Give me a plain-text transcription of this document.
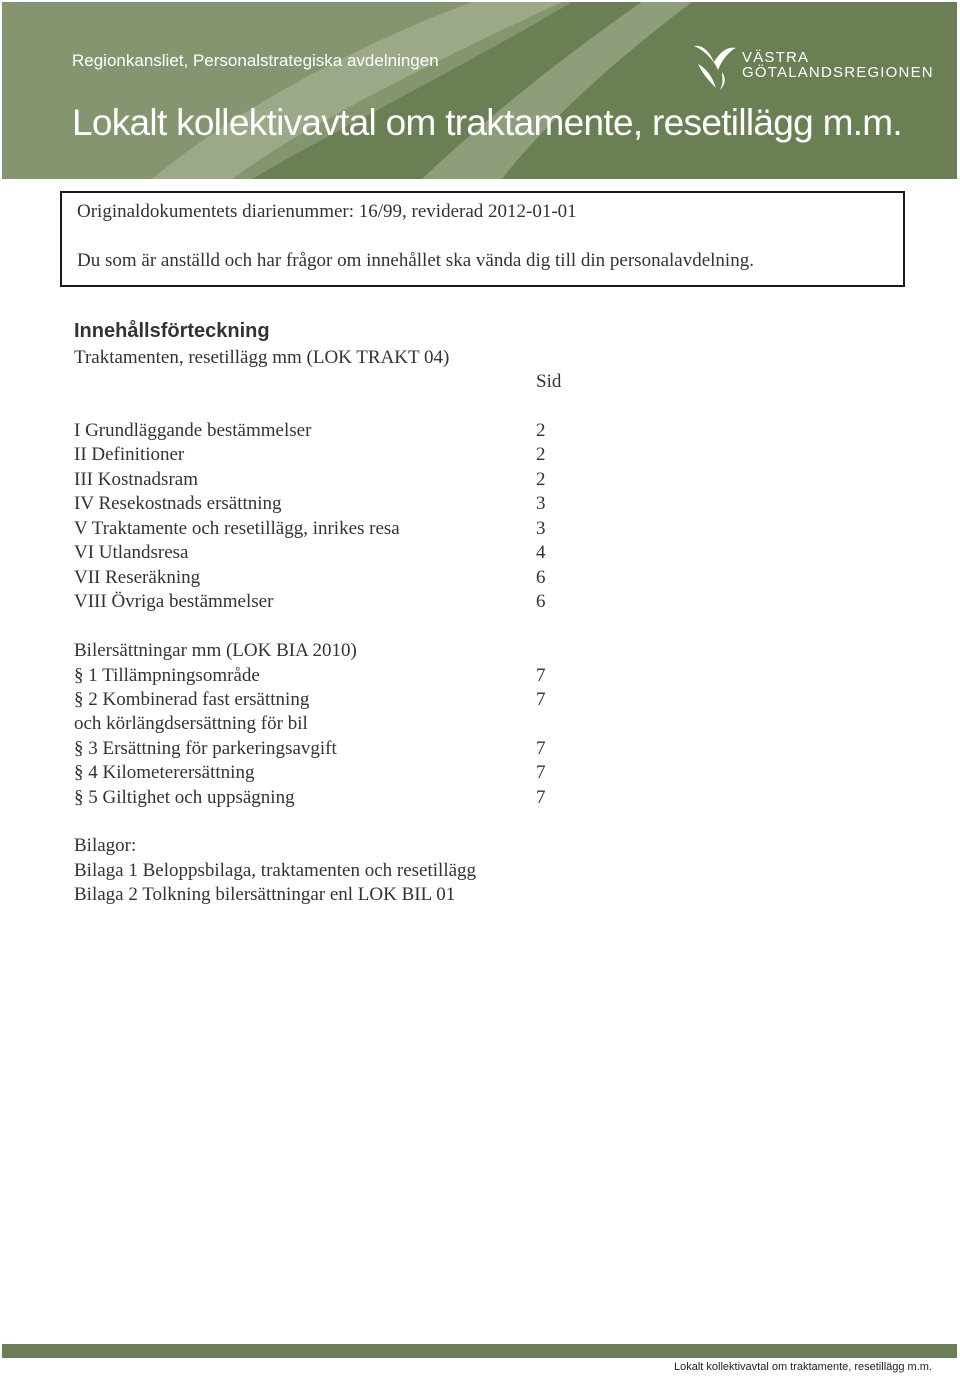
Regionkansliet, Personalstrategiska avdelningen
Lokalt kollektivavtal om traktamente, resetillägg m.m.
VÄSTRA
GÖTALANDSREGIONEN
Originaldokumentets diarienummer: 16/99, reviderad 2012-01-01
Du som är anställd och har frågor om innehållet ska vända dig till din personalavdelning.
Innehållsförteckning
Traktamenten, resetillägg mm (LOK TRAKT 04)
Sid
I Grundläggande bestämmelser	2
II Definitioner	2
III Kostnadsram	2
IV Resekostnads ersättning	3
V Traktamente och resetillägg, inrikes resa	3
VI Utlandsresa	4
VII Reseräkning	6
VIII Övriga bestämmelser	6
Bilersättningar mm (LOK BIA 2010)
§ 1 Tillämpningsområde	7
§ 2 Kombinerad fast ersättning	7
och körlängdsersättning för bil
§ 3 Ersättning för parkeringsavgift	7
§ 4 Kilometerersättning	7
§ 5 Giltighet och uppsägning	7
Bilagor:
Bilaga 1 Beloppsbilaga, traktamenten och resetillägg
Bilaga 2 Tolkning bilersättningar enl LOK BIL 01
Lokalt kollektivavtal om traktamente, resetillägg m.m.
